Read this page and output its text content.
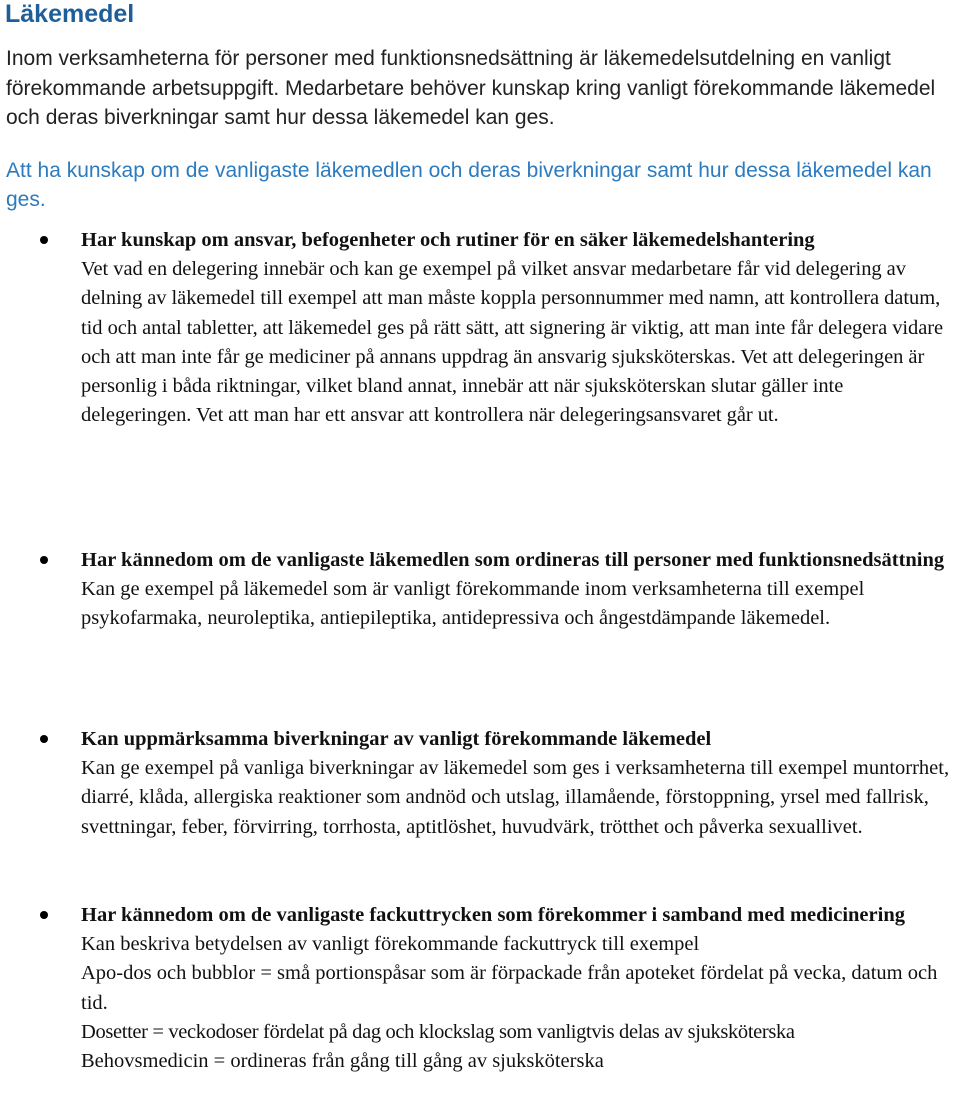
Läkemedel

Inom verksamheterna för personer med funktionsnedsättning är läkemedelsutdelning en vanligt förekommande arbetsuppgift. Medarbetare behöver kunskap kring vanligt förekommande läkemedel och deras biverkningar samt hur dessa läkemedel kan ges.

Att ha kunskap om de vanligaste läkemedlen och deras biverkningar samt hur dessa läkemedel kan ges.

Har kunskap om ansvar, befogenheter och rutiner för en säker läkemedelshantering

Vet vad en delegering innebär och kan ge exempel på vilket ansvar medarbetare får vid delegering av delning av läkemedel till exempel att man måste koppla personnummer med namn, att kontrollera datum, tid och antal tabletter, att läkemedel ges på rätt sätt, att signering är viktig, att man inte får delegera vidare och att man inte får ge mediciner på annans uppdrag än ansvarig sjuksköterskas. Vet att delegeringen är personlig i båda riktningar, vilket bland annat, innebär att när sjuksköterskan slutar gäller inte delegeringen. Vet att man har ett ansvar att kontrollera när delegeringsansvaret går ut.

Har kännedom om de vanligaste läkemedlen som ordineras till personer med funktionsnedsättning

Kan ge exempel på läkemedel som är vanligt förekommande inom verksamheterna till exempel psykofarmaka, neuroleptika, antiepileptika, antidepressiva och ångestdämpande läkemedel.

Kan uppmärksamma biverkningar av vanligt förekommande läkemedel

Kan ge exempel på vanliga biverkningar av läkemedel som ges i verksamheterna till exempel muntorrhet, diarré, klåda, allergiska reaktioner som andnöd och utslag, illamående, förstoppning, yrsel med fallrisk, svettningar, feber, förvirring, torrhosta, aptitlöshet, huvudvärk, trötthet och påverka sexuallivet.

Har kännedom om de vanligaste fackuttrycken som förekommer i samband med medicinering

Kan beskriva betydelsen av vanligt förekommande fackuttryck till exempel
Apo-dos och bubblor = små portionspåsar som är förpackade från apoteket fördelat på vecka, datum och tid.
Dosetter = veckodoser fördelat på dag och klockslag som vanligtvis delas av sjuksköterska
Behovsmedicin = ordineras från gång till gång av sjuksköterska
